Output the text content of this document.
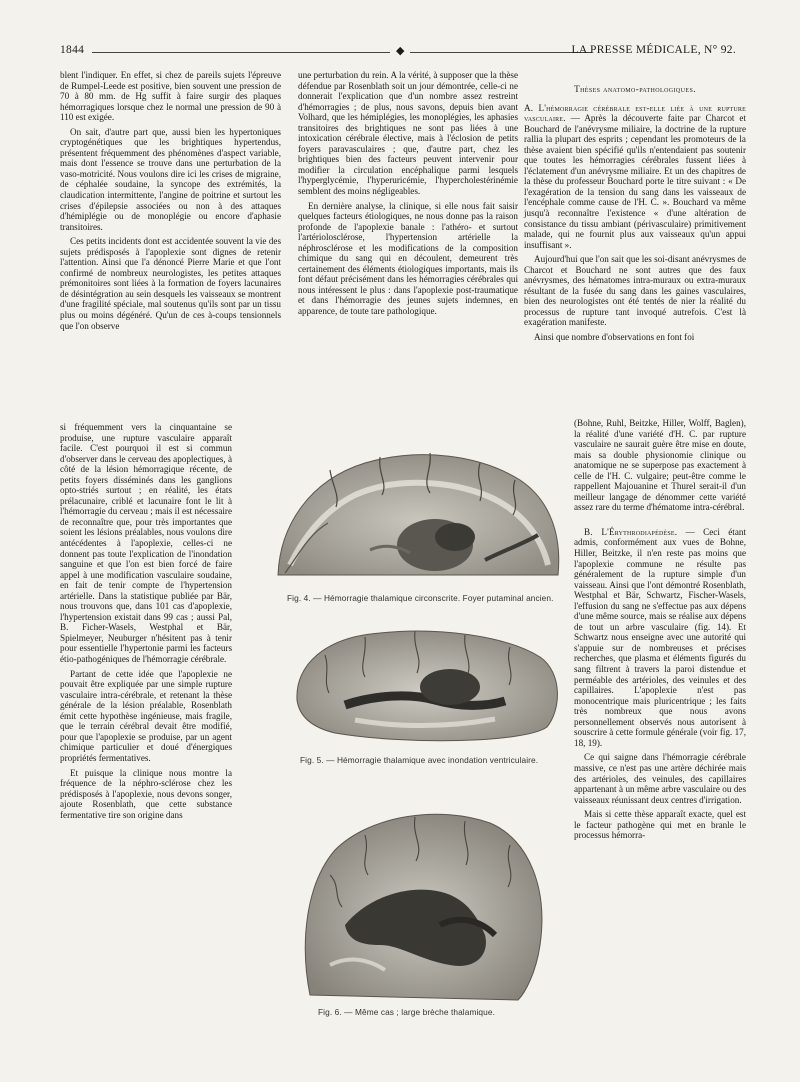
1844	◆	LA PRESSE MÉDICALE, N° 92.

blent l'indiquer. En effet, si chez de pareils sujets l'épreuve de Rumpel-Leede est positive, bien souvent une pression de 70 à 80 mm. de Hg suffit à faire surgir des plaques hémorragiques lorsque chez le normal une pression de 90 à 110 est exigée.

On sait, d'autre part que, aussi bien les hypertoniques cryptogénétiques que les brightiques hypertendus, présentent fréquemment des phénomènes d'aspect variable, mais dont l'essence se trouve dans une perturbation de la vaso-motricité. Nous voulons dire ici les crises de migraine, de céphalée soudaine, la syncope des extrémités, la claudication intermittente, l'angine de poitrine et surtout les crises d'épilepsie associées ou non à des attaques d'hémiplégie ou de monoplégie ou encore d'aphasie transitoires.

Ces petits incidents dont est accidentée souvent la vie des sujets prédisposés à l'apoplexie sont dignes de retenir l'attention. Ainsi que l'a dénoncé Pierre Marie et que l'ont confirmé de nombreux neurologistes, les petites attaques prémonitoires sont liées à la formation de foyers lacunaires de désintégration au sein desquels les vaisseaux se montrent d'une fragilité spéciale, mal soutenus qu'ils sont par un tissu plus ou moins dégénéré. Qu'un de ces à-coups tensionnels que l'on observe

si fréquemment vers la cinquantaine se produise, une rupture vasculaire apparaît facile. C'est pourquoi il est si commun d'observer dans le cerveau des apoplectiques, à côté de la lésion hémorragique récente, de petits foyers disséminés dans les ganglions opto-striés surtout ; en réalité, les états prélacunaire, criblé et lacunaire font le lit à l'hémorragie du cerveau ; mais il est nécessaire de reconnaître que, pour très importantes que soient les lésions préalables, nous voulons dire antécédentes à l'apoplexie, celles-ci ne donnent pas toute l'explication de l'inondation sanguine et que l'on est bien forcé de faire appel à une modification vasculaire soudaine, en fait de tenir compte de l'hypertension artérielle. Dans la statistique publiée par Bär, nous trouvons que, dans 101 cas d'apoplexie, l'hypertension existait dans 99 cas ; aussi Pal, B. Ficher-Wasels, Westphal et Bär, Spielmeyer, Neuburger n'hésitent pas à tenir pour essentielle l'hypertonie parmi les facteurs étio-pathogéniques de l'hémorragie cérébrale.

Partant de cette idée que l'apoplexie ne pouvait être expliquée par une simple rupture vasculaire intra-cérébrale, et retenant la thèse générale de la lésion préalable, Rosenblath émit cette hypothèse ingénieuse, mais fragile, que le terrain cérébral devait être modifié, pour que l'apoplexie se produise, par un agent chimique particulier et doué d'énergiques propriétés fermentatives.

Et puisque la clinique nous montre la fréquence de la néphro-sclérose chez les prédisposés à l'apoplexie, nous devons songer, ajoute Rosenblath, que cette substance fermentative tire son origine dans

une perturbation du rein. A la vérité, à supposer que la thèse défendue par Rosenblath soit un jour démontrée, celle-ci ne donnerait l'explication que d'un nombre assez restreint d'hémorragies ; de plus, nous savons, depuis bien avant Volhard, que les hémiplégies, les monoplégies, les aphasies transitoires des brightiques ne sont pas liées à une intoxication cérébrale élective, mais à l'éclosion de petits foyers paravasculaires ; que, d'autre part, chez les brightiques bien des facteurs peuvent intervenir pour modifier la circulation encéphalique parmi lesquels l'hyperglycémie, l'hyperuricémie, l'hypercholestérinémie semblent des moins négligeables.

En dernière analyse, la clinique, si elle nous fait saisir quelques facteurs étiologiques, ne nous donne pas la raison profonde de l'apoplexie banale : l'athéro- et surtout l'artériolosclérose, l'hypertension artérielle la néphrosclérose et les modifications de la composition chimique du sang qui en découlent, demeurent très certainement des éléments étiologiques importants, mais ils font défaut précisément dans les hémorragies cérébrales qui nous intéressent le plus : dans l'apoplexie post-traumatique et dans l'hémorragie des jeunes sujets indemnes, en apparence, de toute tare pathologique.

Thèses anatomo-pathologiques.

A. L'hémorragie cérébrale est-elle liée à une rupture vasculaire. — Après la découverte faite par Charcot et Bouchard de l'anévrysme miliaire, la doctrine de la rupture rallia la plupart des esprits ; cependant les promoteurs de la thèse avaient bien spécifié qu'ils n'entendaient pas soutenir que toutes les hémorragies cérébrales fussent liées à l'éclatement d'un anévrysme miliaire. Et un des chapitres de la thèse du professeur Bouchard porte le titre suivant : « De l'exagération de la tension du sang dans les vaisseaux de l'encéphale comme cause de l'H. C. ». Bouchard va même jusqu'à reconnaître l'existence « d'une altération de consistance du tissu ambiant (périvasculaire) primitivement malade, qui ne fournit plus aux vaisseaux qu'un appui insuffisant ».

Aujourd'hui que l'on sait que les soi-disant anévrysmes de Charcot et Bouchard ne sont autres que des faux anévrysmes, des hématomes intra-muraux ou extra-muraux résultant de la fusée du sang dans les gaines vasculaires, bien des neurologistes ont été tentés de nier la réalité du processus de rupture tant invoqué autrefois. C'est là exagération manifeste.

Ainsi que nombre d'observations en font foi

(Bohne, Ruhl, Beitzke, Hiller, Wolff, Baglen), la réalité d'une variété d'H. C. par rupture vasculaire ne saurait guère être mise en doute, mais sa double physionomie clinique ou anatomique ne se superpose pas exactement à celle de l'H. C. vulgaire; peut-être comme le rappellent Majouanine et Thurel serait-il d'un meilleur langage de dénommer cette variété assez rare du terme d'hématome intra-cérébral.

B. L'Érythrodiapédèse. — Ceci étant admis, conformément aux vues de Bohne, Hiller, Beitzke, il n'en reste pas moins que l'apoplexie commune ne résulte pas généralement de la rupture simple d'un vaisseau. Ainsi que l'ont démontré Rosenblath, Westphal et Bär, Schwartz, Fischer-Wasels, l'effusion du sang ne s'effectue pas aux dépens d'une même source, mais se réalise aux dépens de tout un arbre vasculaire (fig. 14). Et Schwartz nous enseigne avec une autorité qui s'appuie sur de nombreuses et précises recherches, que plasma et éléments figurés du sang filtrent à travers la paroi distendue et perméable des artérioles, des veinules et des capillaires. L'apoplexie n'est pas monocentrique mais pluricentrique ; les faits très nombreux que nous avons personnellement observés nous autorisent à souscrire à cette formule générale (voir fig. 17, 18, 19).

Ce qui saigne dans l'hémorragie cérébrale massive, ce n'est pas une artère déchirée mais des artérioles, des veinules, des capillaires appartenant à un même arbre vasculaire ou des vaisseaux réunissant deux centres d'irrigation.

Mais si cette thèse apparaît exacte, quel est le facteur pathogène qui met en branle le processus hémorra-

Fig. 4. — Hémorragie thalamique circonscrite. Foyer putaminal ancien.
Fig. 5. — Hémorragie thalamique avec inondation ventriculaire.
Fig. 6. — Même cas ; large brèche thalamique.
